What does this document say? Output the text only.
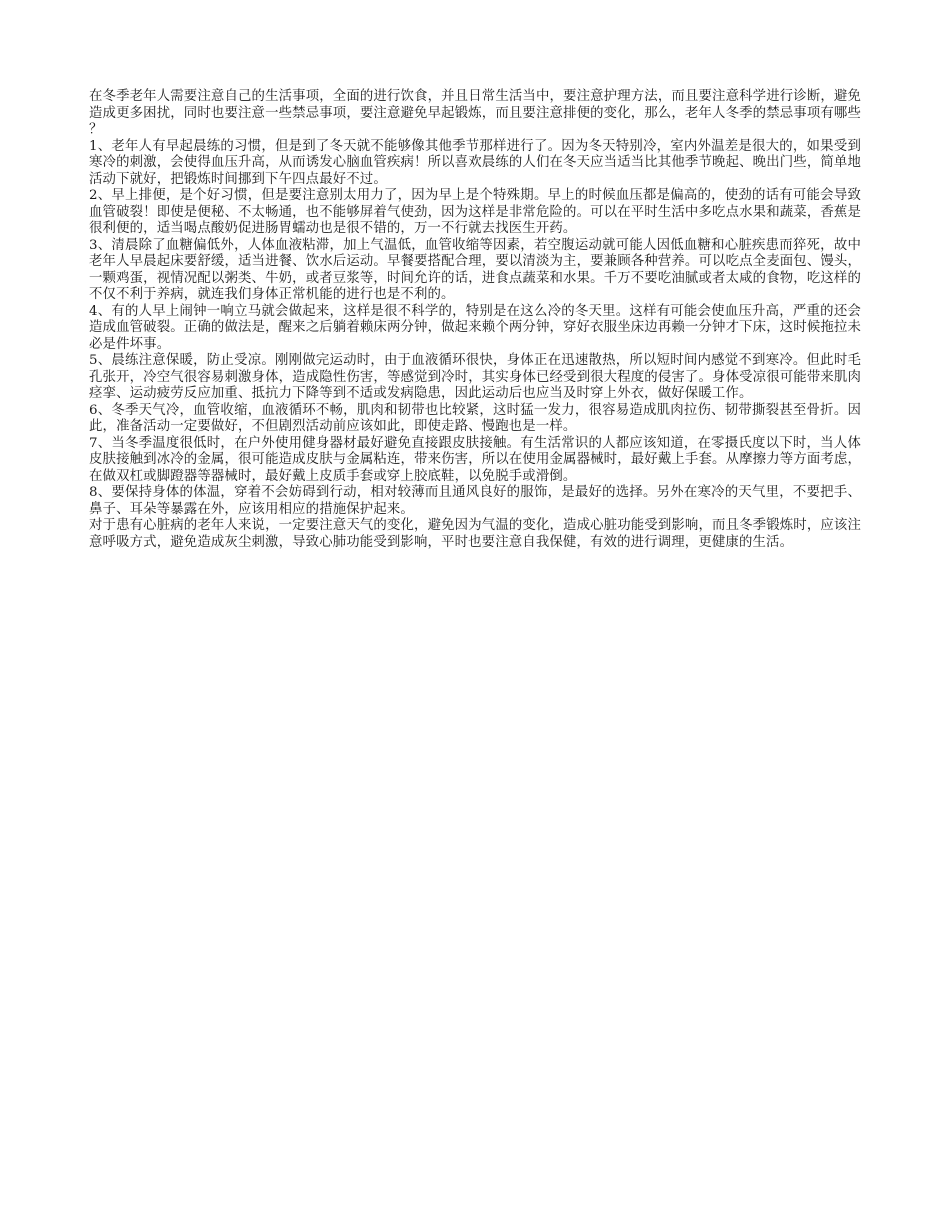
在冬季老年人需要注意自己的生活事项，全面的进行饮食，并且日常生活当中，要注意护理方法，而且要注意科学进行诊断，避免造成更多困扰，同时也要注意一些禁忌事项，要注意避免早起锻炼，而且要注意排便的变化，那么，老年人冬季的禁忌事项有哪些？

1、老年人有早起晨练的习惯，但是到了冬天就不能够像其他季节那样进行了。因为冬天特别冷，室内外温差是很大的，如果受到寒冷的刺激，会使得血压升高，从而诱发心脑血管疾病！所以喜欢晨练的人们在冬天应当适当比其他季节晚起、晚出门些，简单地活动下就好，把锻炼时间挪到下午四点最好不过。

2、早上排便，是个好习惯，但是要注意别太用力了，因为早上是个特殊期。早上的时候血压都是偏高的，使劲的话有可能会导致血管破裂！即使是便秘、不太畅通，也不能够屏着气使劲，因为这样是非常危险的。可以在平时生活中多吃点水果和蔬菜，香蕉是很利便的，适当喝点酸奶促进肠胃蠕动也是很不错的，万一不行就去找医生开药。

3、清晨除了血糖偏低外，人体血液粘滞，加上气温低，血管收缩等因素，若空腹运动就可能人因低血糖和心脏疾患而猝死，故中老年人早晨起床要舒缓，适当进餐、饮水后运动。早餐要搭配合理，要以清淡为主，要兼顾各种营养。可以吃点全麦面包、馒头，一颗鸡蛋，视情况配以粥类、牛奶，或者豆浆等，时间允许的话，进食点蔬菜和水果。千万不要吃油腻或者太咸的食物，吃这样的不仅不利于养病，就连我们身体正常机能的进行也是不利的。

4、有的人早上闹钟一响立马就会做起来，这样是很不科学的，特别是在这么冷的冬天里。这样有可能会使血压升高，严重的还会造成血管破裂。正确的做法是，醒来之后躺着赖床两分钟，做起来赖个两分钟，穿好衣服坐床边再赖一分钟才下床，这时候拖拉未必是件坏事。

5、晨练注意保暖，防止受凉。刚刚做完运动时，由于血液循环很快，身体正在迅速散热，所以短时间内感觉不到寒冷。但此时毛孔张开，冷空气很容易刺激身体，造成隐性伤害，等感觉到冷时，其实身体已经受到很大程度的侵害了。身体受凉很可能带来肌肉痉挛、运动疲劳反应加重、抵抗力下降等到不适或发病隐患，因此运动后也应当及时穿上外衣，做好保暖工作。

6、冬季天气冷，血管收缩，血液循环不畅，肌肉和韧带也比较紧，这时猛一发力，很容易造成肌肉拉伤、韧带撕裂甚至骨折。因此，准备活动一定要做好，不但剧烈活动前应该如此，即使走路、慢跑也是一样。

7、当冬季温度很低时，在户外使用健身器材最好避免直接跟皮肤接触。有生活常识的人都应该知道，在零摄氏度以下时，当人体皮肤接触到冰冷的金属，很可能造成皮肤与金属粘连，带来伤害，所以在使用金属器械时，最好戴上手套。从摩擦力等方面考虑，在做双杠或脚蹬器等器械时，最好戴上皮质手套或穿上胶底鞋，以免脱手或滑倒。

8、要保持身体的体温，穿着不会妨碍到行动，相对较薄而且通风良好的服饰，是最好的选择。另外在寒冷的天气里，不要把手、鼻子、耳朵等暴露在外，应该用相应的措施保护起来。

对于患有心脏病的老年人来说，一定要注意天气的变化，避免因为气温的变化，造成心脏功能受到影响，而且冬季锻炼时，应该注意呼吸方式，避免造成灰尘刺激，导致心肺功能受到影响，平时也要注意自我保健，有效的进行调理，更健康的生活。
